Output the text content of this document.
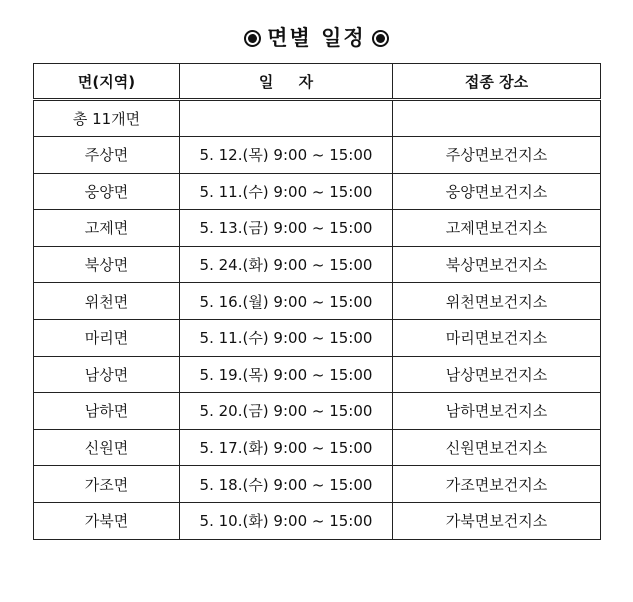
면별 일정
면(지역)	일 자	접종 장소
총 11개면		
주상면	5. 12.(목) 9:00 ~ 15:00	주상면보건지소
웅양면	5. 11.(수) 9:00 ~ 15:00	웅양면보건지소
고제면	5. 13.(금) 9:00 ~ 15:00	고제면보건지소
북상면	5. 24.(화) 9:00 ~ 15:00	북상면보건지소
위천면	5. 16.(월) 9:00 ~ 15:00	위천면보건지소
마리면	5. 11.(수) 9:00 ~ 15:00	마리면보건지소
남상면	5. 19.(목) 9:00 ~ 15:00	남상면보건지소
남하면	5. 20.(금) 9:00 ~ 15:00	남하면보건지소
신원면	5. 17.(화) 9:00 ~ 15:00	신원면보건지소
가조면	5. 18.(수) 9:00 ~ 15:00	가조면보건지소
가북면	5. 10.(화) 9:00 ~ 15:00	가북면보건지소
